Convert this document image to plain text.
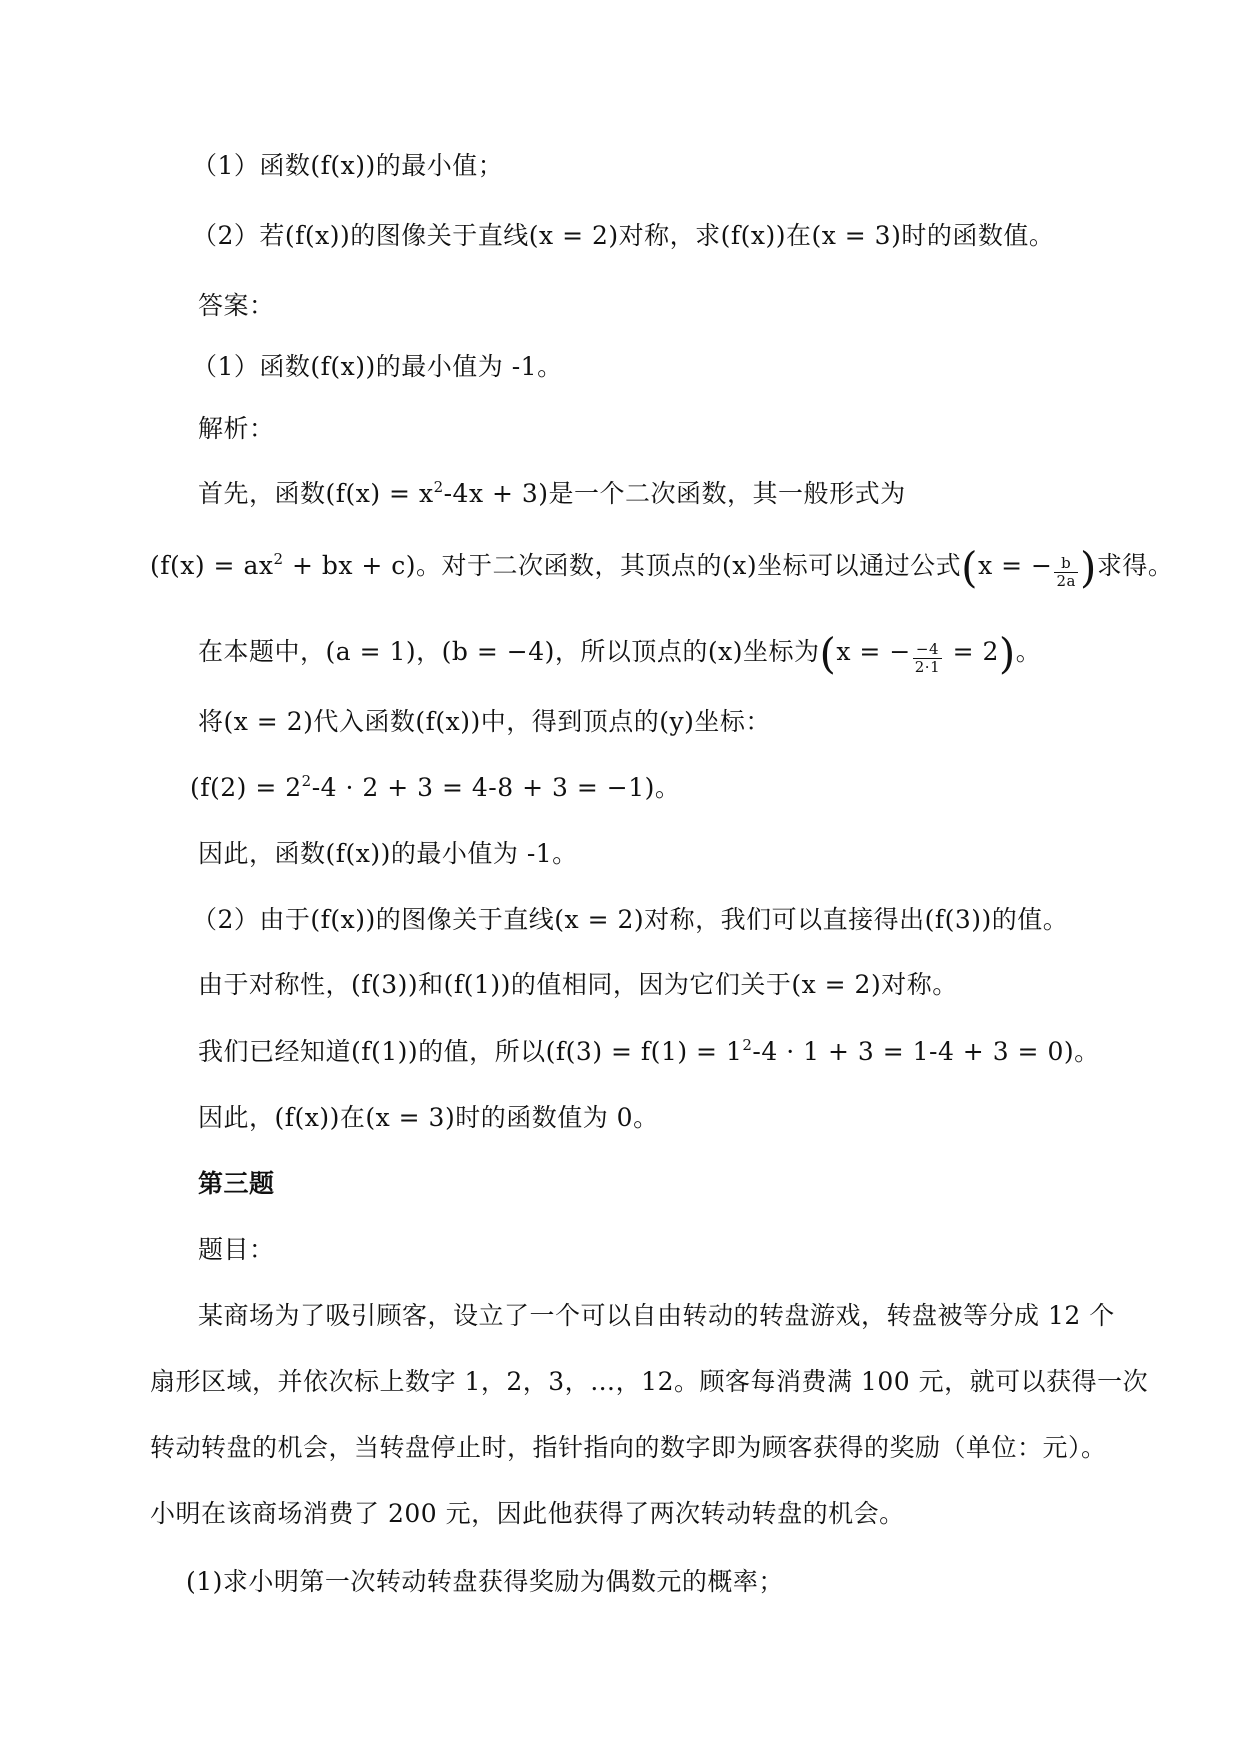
（1）函数(f(x))的最小值；
（2）若(f(x))的图像关于直线(x = 2)对称，求(f(x))在(x = 3)时的函数值。
答案：
（1）函数(f(x))的最小值为 -1。
解析：
首先，函数$(f(x) = x^2-4x + 3)$是一个二次函数，其一般形式为
($f(x) = ax^2$ + bx + c)。对于二次函数，其顶点的(x)坐标可以通过公式(x = − $\frac{b}{2a}$ )求得。
在本题中，(a = 1)，(b = −4)，所以顶点的(x)坐标为(x = − $\frac{-4}{2\cdot 1} = 2$)。
将(x = 2)代入函数(f(x))中，得到顶点的(y)坐标：
$(f(2) = 2^2-4 \cdot 2 + 3 = 4-8 + 3 = -1)$。
因此，函数(f(x))的最小值为 -1。
（2）由于(f(x))的图像关于直线(x = 2)对称，我们可以直接得出(f(3))的值。
由于对称性，(f(3))和(f(1))的值相同，因为它们关于(x = 2)对称。
我们已经知道(f(1))的值，所以$(f(3) = f(1) = 1^2-4 \cdot 1 + 3 = 1-4 + 3 = 0)$。
因此，(f(x))在(x = 3)时的函数值为 0。
第三题
题目：
某商场为了吸引顾客，设立了一个可以自由转动的转盘游戏，转盘被等分成 12 个
扇形区域，并依次标上数字 1，2，3，…，12。顾客每消费满 100 元，就可以获得一次
转动转盘的机会，当转盘停止时，指针指向的数字即为顾客获得的奖励（单位：元）。
小明在该商场消费了 200 元，因此他获得了两次转动转盘的机会。
(1)求小明第一次转动转盘获得奖励为偶数元的概率；
